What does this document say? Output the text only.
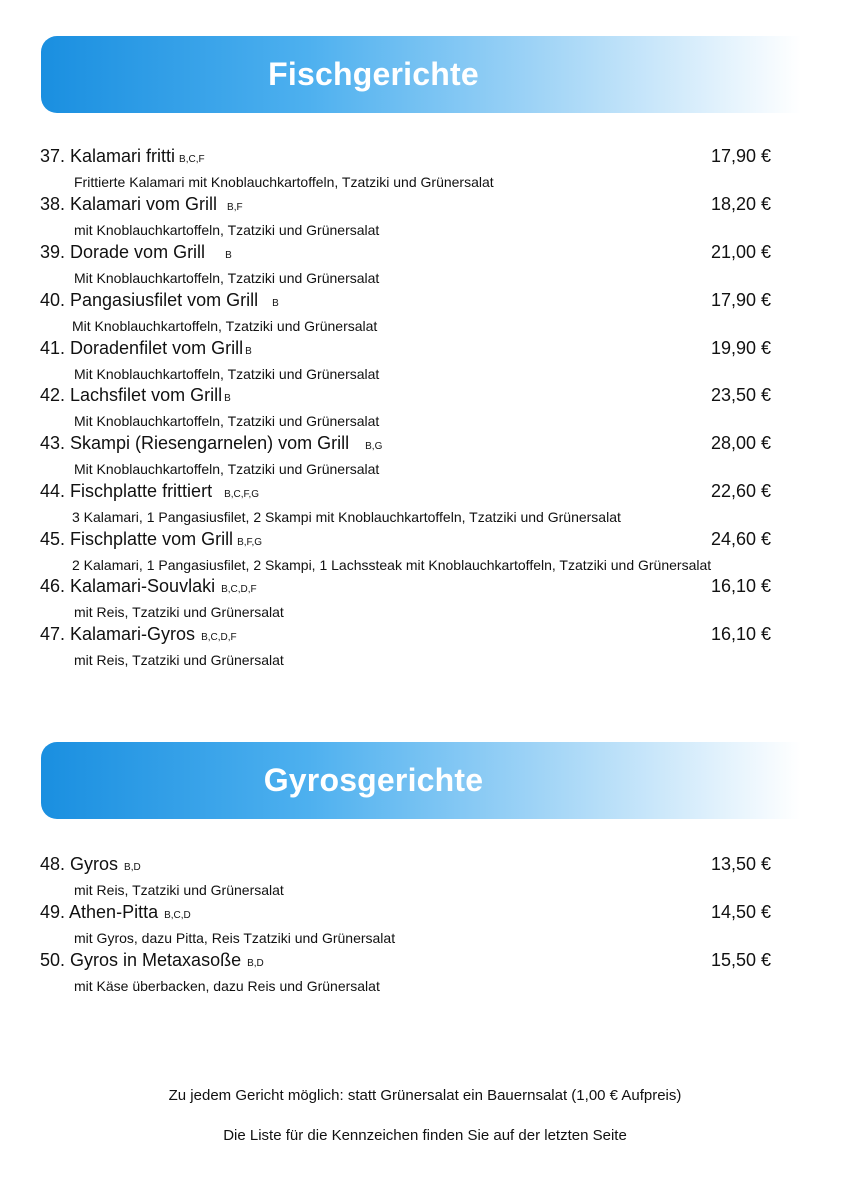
Fischgerichte
37. Kalamari fritti B,C,F	17,90 €
Frittierte Kalamari mit Knoblauchkartoffeln, Tzatziki und Grünersalat
38. Kalamari vom Grill B,F	18,20 €
mit Knoblauchkartoffeln, Tzatziki und Grünersalat
39. Dorade vom Grill B	21,00 €
Mit Knoblauchkartoffeln, Tzatziki und Grünersalat
40. Pangasiusfilet vom Grill B	17,90 €
Mit Knoblauchkartoffeln, Tzatziki und Grünersalat
41. Doradenfilet vom Grill B	19,90 €
Mit Knoblauchkartoffeln, Tzatziki und Grünersalat
42. Lachsfilet vom Grill B	23,50 €
Mit Knoblauchkartoffeln, Tzatziki und Grünersalat
43. Skampi (Riesengarnelen) vom Grill B,G	28,00 €
Mit Knoblauchkartoffeln, Tzatziki und Grünersalat
44. Fischplatte frittiert B,C,F,G	22,60 €
3 Kalamari, 1 Pangasiusfilet, 2 Skampi mit Knoblauchkartoffeln, Tzatziki und Grünersalat
45. Fischplatte vom Grill B,F,G	24,60 €
2 Kalamari, 1 Pangasiusfilet, 2 Skampi, 1 Lachssteak mit Knoblauchkartoffeln, Tzatziki und Grünersalat
46. Kalamari-Souvlaki B,C,D,F	16,10 €
mit Reis, Tzatziki und Grünersalat
47. Kalamari-Gyros B,C,D,F	16,10 €
mit Reis, Tzatziki und Grünersalat
Gyrosgerichte
48. Gyros B,D	13,50 €
mit Reis, Tzatziki und Grünersalat
49. Athen-Pitta B,C,D	14,50 €
mit Gyros, dazu Pitta, Reis Tzatziki und Grünersalat
50. Gyros in Metaxasoße B,D	15,50 €
mit Käse überbacken, dazu Reis und Grünersalat
Zu jedem Gericht möglich: statt Grünersalat ein Bauernsalat (1,00 € Aufpreis)
Die Liste für die Kennzeichen finden Sie auf der letzten Seite
